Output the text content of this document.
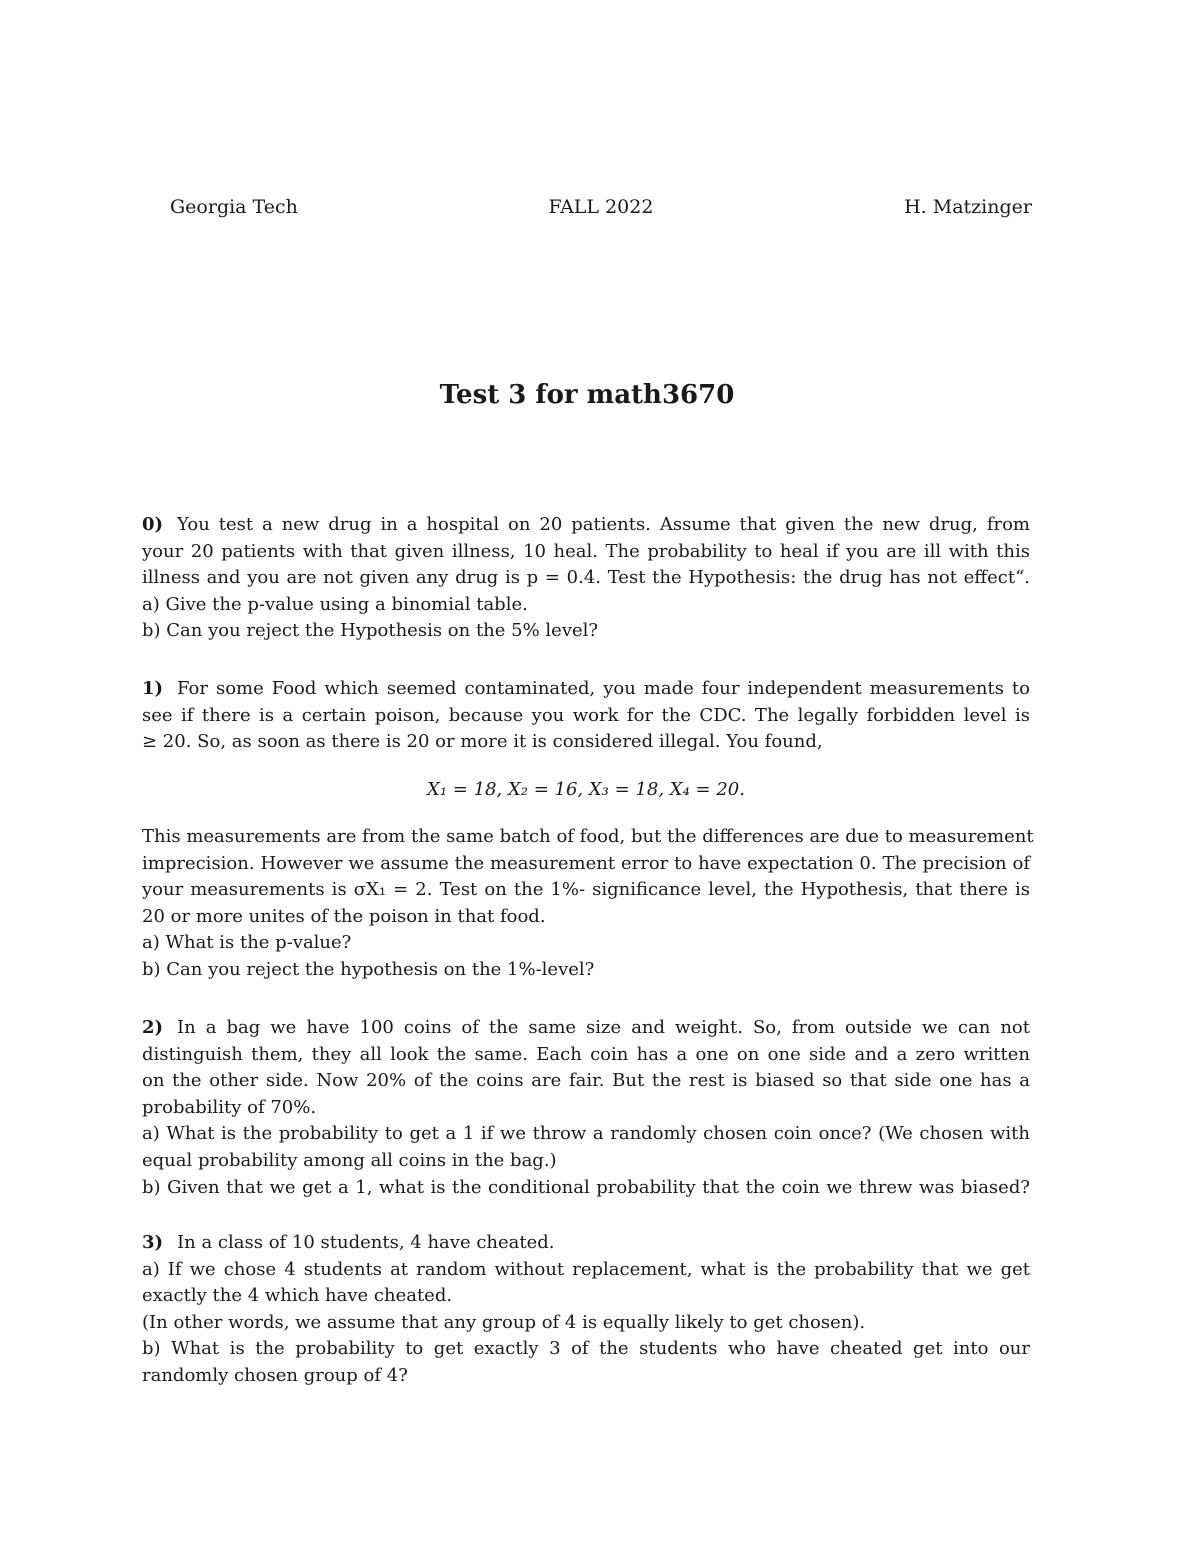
Georgia Tech	FALL 2022	H. Matzinger
Test 3 for math3670
0) You test a new drug in a hospital on 20 patients. Assume that given the new drug, from
your 20 patients with that given illness, 10 heal. The probability to heal if you are ill with this
illness and you are not given any drug is p = 0.4. Test the Hypothesis: the drug has not effect“.
a) Give the p-value using a binomial table.
b) Can you reject the Hypothesis on the 5% level?
1) For some Food which seemed contaminated, you made four independent measurements to
see if there is a certain poison, because you work for the CDC. The legally forbidden level is
≥ 20. So, as soon as there is 20 or more it is considered illegal. You found,
X₁ = 18, X₂ = 16, X₃ = 18, X₄ = 20.
This measurements are from the same batch of food, but the differences are due to measurement
imprecision. However we assume the measurement error to have expectation 0. The precision of
your measurements is σX₁ = 2. Test on the 1%- significance level, the Hypothesis, that there is
20 or more unites of the poison in that food.
a) What is the p-value?
b) Can you reject the hypothesis on the 1%-level?
2) In a bag we have 100 coins of the same size and weight. So, from outside we can not
distinguish them, they all look the same. Each coin has a one on one side and a zero written
on the other side. Now 20% of the coins are fair. But the rest is biased so that side one has a
probability of 70%.
a) What is the probability to get a 1 if we throw a randomly chosen coin once? (We chosen with
equal probability among all coins in the bag.)
b) Given that we get a 1, what is the conditional probability that the coin we threw was biased?
3) In a class of 10 students, 4 have cheated.
a) If we chose 4 students at random without replacement, what is the probability that we get
exactly the 4 which have cheated.
(In other words, we assume that any group of 4 is equally likely to get chosen).
b) What is the probability to get exactly 3 of the students who have cheated get into our
randomly chosen group of 4?
